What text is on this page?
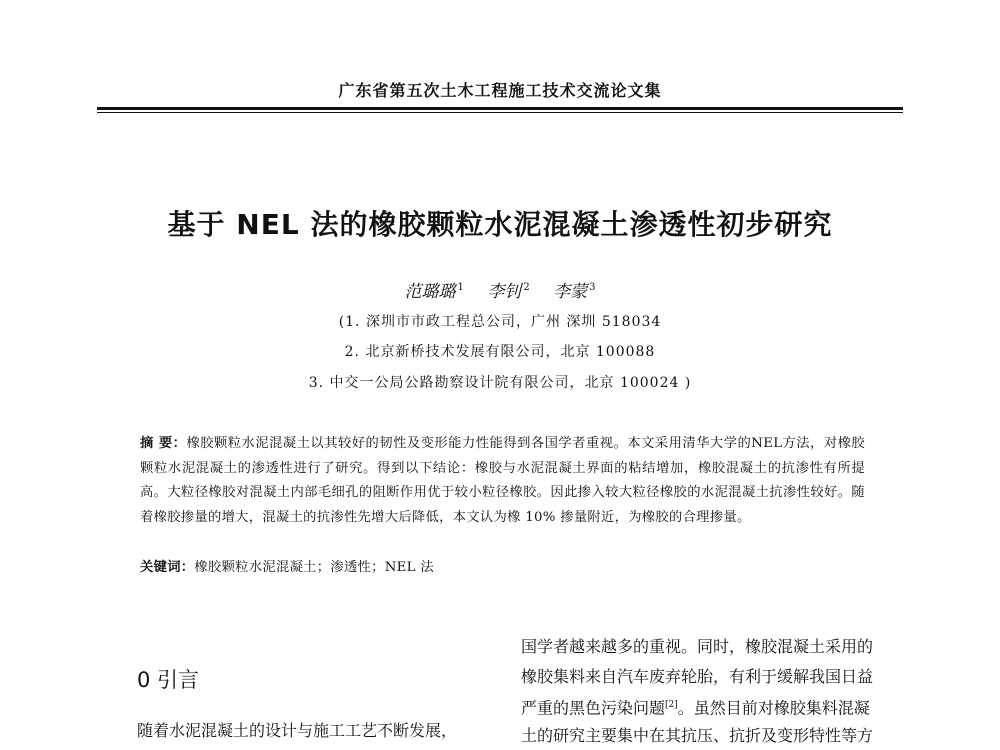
广东省第五次土木工程施工技术交流论文集
基于 NEL 法的橡胶颗粒水泥混凝土渗透性初步研究
范璐璐 $^1$ 李钊 $^2$ 李蒙 $^3$
(1. 深圳市市政工程总公司，广州 深圳 518034
2. 北京新桥技术发展有限公司，北京 100088
3. 中交一公局公路勘察设计院有限公司，北京 100024 )
摘 要：橡胶颗粒水泥混凝土以其较好的韧性及变形能力性能得到各国学者重视。本文采用清华大学的NEL方法，对橡胶颗粒水泥混凝土的渗透性进行了研究。得到以下结论：橡胶与水泥混凝土界面的粘结增加，橡胶混凝土的抗渗性有所提高。大粒径橡胶对混凝土内部毛细孔的阻断作用优于较小粒径橡胶。因此掺入较大粒径橡胶的水泥混凝土抗渗性较好。随着橡胶掺量的增大，混凝土的抗渗性先增大后降低，本文认为橡 10% 掺量附近，为橡胶的合理掺量。
关键词：橡胶颗粒水泥混凝土；渗透性；NEL 法
0 引言
随着水泥混凝土的设计与施工工艺不断发展，
国学者越来越多的重视。同时，橡胶混凝土采用的
橡胶集料来自汽车废弃轮胎，有利于缓解我国日益
严重的黑色污染问题[2]。虽然目前对橡胶集料混凝
土的研究主要集中在其抗压、抗折及变形特性等方
